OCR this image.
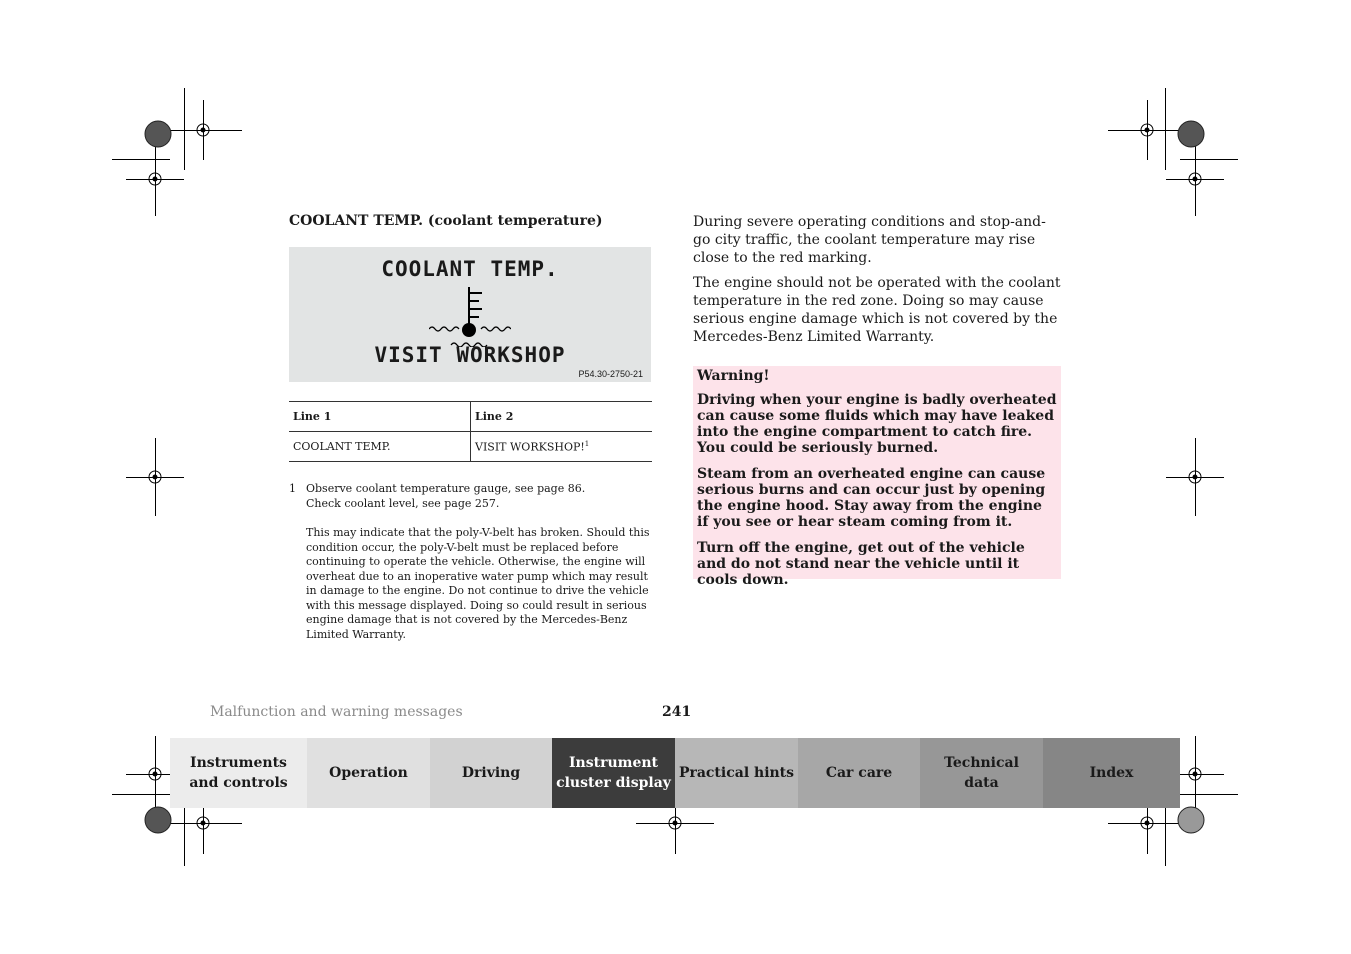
COOLANT TEMP. (coolant temperature)
COOLANT TEMP.
VISIT WORKSHOP
P54.30-2750-21
Line 1	Line 2
COOLANT TEMP.	VISIT WORKSHOP!$^1$
1 Observe coolant temperature gauge, see page 86.
Check coolant level, see page 257.

This may indicate that the poly-V-belt has broken. Should this condition occur, the poly-V-belt must be replaced before continuing to operate the vehicle. Otherwise, the engine will overheat due to an inoperative water pump which may result in damage to the engine. Do not continue to drive the vehicle with this message displayed. Doing so could result in serious engine damage that is not covered by the Mercedes-Benz Limited Warranty.

During severe operating conditions and stop-and-go city traffic, the coolant temperature may rise close to the red marking.

The engine should not be operated with the coolant temperature in the red zone. Doing so may cause serious engine damage which is not covered by the Mercedes-Benz Limited Warranty.

Warning!

Driving when your engine is badly overheated can cause some fluids which may have leaked into the engine compartment to catch fire. You could be seriously burned.

Steam from an overheated engine can cause serious burns and can occur just by opening the engine hood. Stay away from the engine if you see or hear steam coming from it.

Turn off the engine, get out of the vehicle and do not stand near the vehicle until it cools down.

Malfunction and warning messages	241
Instruments
and controls
Operation	Driving
Instrument
cluster display
Practical hints Car care
Technical
data
Index
